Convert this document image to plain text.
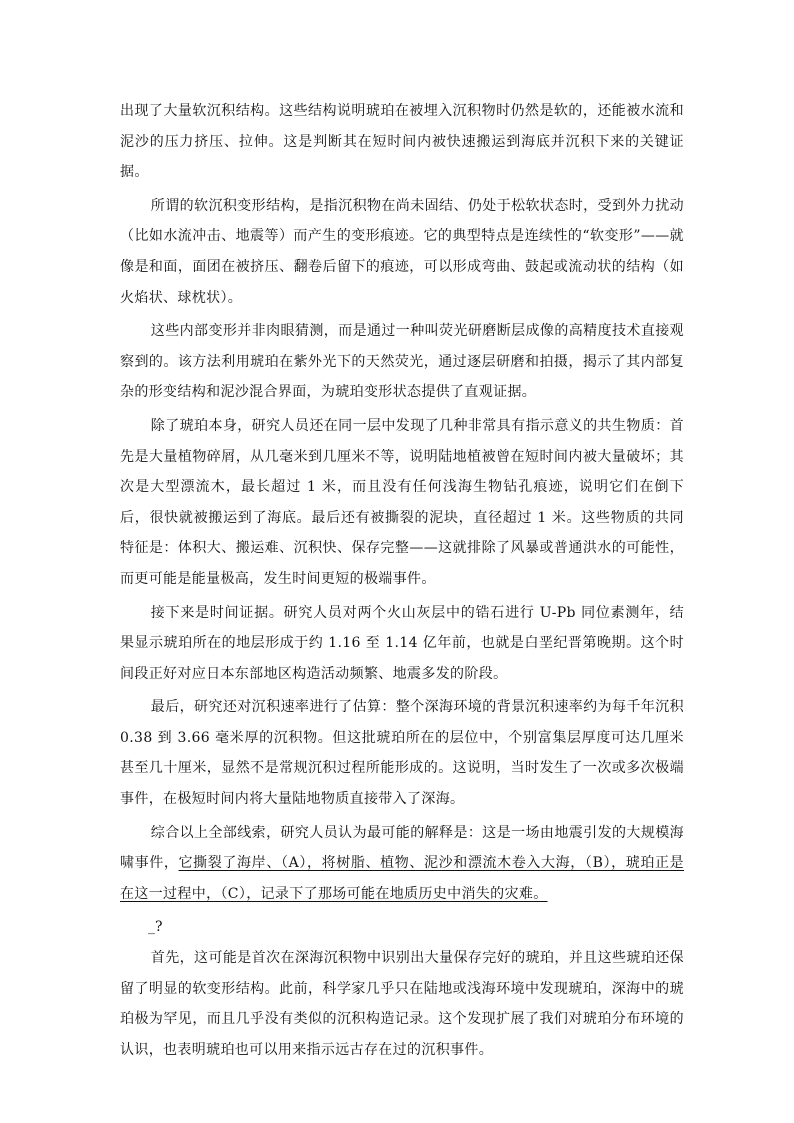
出现了大量软沉积结构。这些结构说明琥珀在被埋入沉积物时仍然是软的，还能被水流和泥沙的压力挤压、拉伸。这是判断其在短时间内被快速搬运到海底并沉积下来的关键证据。

所谓的软沉积变形结构，是指沉积物在尚未固结、仍处于松软状态时，受到外力扰动（比如水流冲击、地震等）而产生的变形痕迹。它的典型特点是连续性的“软变形”——就像是和面，面团在被挤压、翻卷后留下的痕迹，可以形成弯曲、鼓起或流动状的结构（如火焰状、球枕状）。

这些内部变形并非肉眼猜测，而是通过一种叫荧光研磨断层成像的高精度技术直接观察到的。该方法利用琥珀在紫外光下的天然荧光，通过逐层研磨和拍摄，揭示了其内部复杂的形变结构和泥沙混合界面，为琥珀变形状态提供了直观证据。

除了琥珀本身，研究人员还在同一层中发现了几种非常具有指示意义的共生物质：首先是大量植物碎屑，从几毫米到几厘米不等，说明陆地植被曾在短时间内被大量破坏；其次是大型漂流木，最长超过 1 米，而且没有任何浅海生物钻孔痕迹，说明它们在倒下后，很快就被搬运到了海底。最后还有被撕裂的泥块，直径超过 1 米。这些物质的共同特征是：体积大、搬运难、沉积快、保存完整——这就排除了风暴或普通洪水的可能性，而更可能是能量极高，发生时间更短的极端事件。

接下来是时间证据。研究人员对两个火山灰层中的锆石进行 U-Pb 同位素测年，结果显示琥珀所在的地层形成于约 1.16 至 1.14 亿年前，也就是白垩纪晋第晚期。这个时间段正好对应日本东部地区构造活动频繁、地震多发的阶段。

最后，研究还对沉积速率进行了估算：整个深海环境的背景沉积速率约为每千年沉积 0.38 到 3.66 毫米厚的沉积物。但这批琥珀所在的层位中，个别富集层厚度可达几厘米甚至几十厘米，显然不是常规沉积过程所能形成的。这说明，当时发生了一次或多次极端事件，在极短时间内将大量陆地物质直接带入了深海。

综合以上全部线索，研究人员认为最可能的解释是：这是一场由地震引发的大规模海啸事件，它撕裂了海岸、（A），将树脂、植物、泥沙和漂流木卷入大海，（B），琥珀正是在这一过程中，（C），记录下了那场可能在地质历史中消失的灾难。

_?

首先，这可能是首次在深海沉积物中识别出大量保存完好的琥珀，并且这些琥珀还保留了明显的软变形结构。此前，科学家几乎只在陆地或浅海环境中发现琥珀，深海中的琥珀极为罕见，而且几乎没有类似的沉积构造记录。这个发现扩展了我们对琥珀分布环境的认识，也表明琥珀也可以用来指示远古存在过的沉积事件。
